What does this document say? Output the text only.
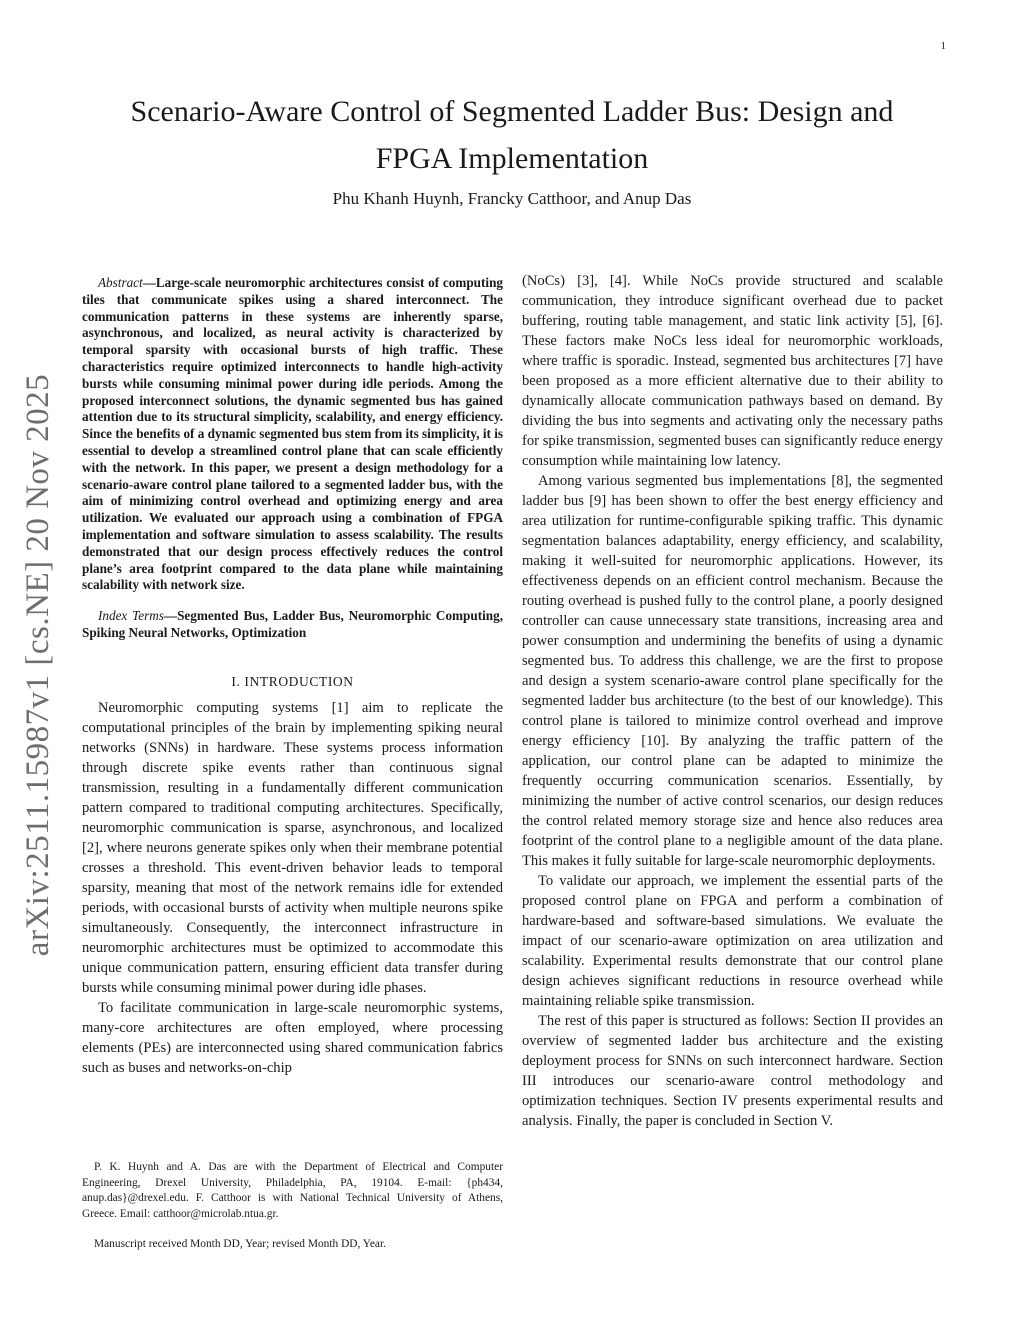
1
arXiv:2511.15987v1 [cs.NE] 20 Nov 2025
Scenario-Aware Control of Segmented Ladder Bus: Design and FPGA Implementation

Phu Khanh Huynh, Francky Catthoor, and Anup Das

Abstract—Large-scale neuromorphic architectures consist of computing tiles that communicate spikes using a shared interconnect. The communication patterns in these systems are inherently sparse, asynchronous, and localized, as neural activity is characterized by temporal sparsity with occasional bursts of high traffic. These characteristics require optimized interconnects to handle high-activity bursts while consuming minimal power during idle periods. Among the proposed interconnect solutions, the dynamic segmented bus has gained attention due to its structural simplicity, scalability, and energy efficiency. Since the benefits of a dynamic segmented bus stem from its simplicity, it is essential to develop a streamlined control plane that can scale efficiently with the network. In this paper, we present a design methodology for a scenario-aware control plane tailored to a segmented ladder bus, with the aim of minimizing control overhead and optimizing energy and area utilization. We evaluated our approach using a combination of FPGA implementation and software simulation to assess scalability. The results demonstrated that our design process effectively reduces the control plane’s area footprint compared to the data plane while maintaining scalability with network size.

Index Terms—Segmented Bus, Ladder Bus, Neuromorphic Computing, Spiking Neural Networks, Optimization

I. INTRODUCTION

Neuromorphic computing systems [1] aim to replicate the computational principles of the brain by implementing spiking neural networks (SNNs) in hardware. These systems process information through discrete spike events rather than continuous signal transmission, resulting in a fundamentally different communication pattern compared to traditional computing architectures. Specifically, neuromorphic communication is sparse, asynchronous, and localized [2], where neurons generate spikes only when their membrane potential crosses a threshold. This event-driven behavior leads to temporal sparsity, meaning that most of the network remains idle for extended periods, with occasional bursts of activity when multiple neurons spike simultaneously. Consequently, the interconnect infrastructure in neuromorphic architectures must be optimized to accommodate this unique communication pattern, ensuring efficient data transfer during bursts while consuming minimal power during idle phases.

To facilitate communication in large-scale neuromorphic systems, many-core architectures are often employed, where processing elements (PEs) are interconnected using shared communication fabrics such as buses and networks-on-chip

(NoCs) [3], [4]. While NoCs provide structured and scalable communication, they introduce significant overhead due to packet buffering, routing table management, and static link activity [5], [6]. These factors make NoCs less ideal for neuromorphic workloads, where traffic is sporadic. Instead, segmented bus architectures [7] have been proposed as a more efficient alternative due to their ability to dynamically allocate communication pathways based on demand. By dividing the bus into segments and activating only the necessary paths for spike transmission, segmented buses can significantly reduce energy consumption while maintaining low latency.

Among various segmented bus implementations [8], the segmented ladder bus [9] has been shown to offer the best energy efficiency and area utilization for runtime-configurable spiking traffic. This dynamic segmentation balances adaptability, energy efficiency, and scalability, making it well-suited for neuromorphic applications. However, its effectiveness depends on an efficient control mechanism. Because the routing overhead is pushed fully to the control plane, a poorly designed controller can cause unnecessary state transitions, increasing area and power consumption and undermining the benefits of using a dynamic segmented bus. To address this challenge, we are the first to propose and design a system scenario-aware control plane specifically for the segmented ladder bus architecture (to the best of our knowledge). This control plane is tailored to minimize control overhead and improve energy efficiency [10]. By analyzing the traffic pattern of the application, our control plane can be adapted to minimize the frequently occurring communication scenarios. Essentially, by minimizing the number of active control scenarios, our design reduces the control related memory storage size and hence also reduces area footprint of the control plane to a negligible amount of the data plane. This makes it fully suitable for large-scale neuromorphic deployments.

To validate our approach, we implement the essential parts of the proposed control plane on FPGA and perform a combination of hardware-based and software-based simulations. We evaluate the impact of our scenario-aware optimization on area utilization and scalability. Experimental results demonstrate that our control plane design achieves significant reductions in resource overhead while maintaining reliable spike transmission.

The rest of this paper is structured as follows: Section II provides an overview of segmented ladder bus architecture and the existing deployment process for SNNs on such interconnect hardware. Section III introduces our scenario-aware control methodology and optimization techniques. Section IV presents experimental results and analysis. Finally, the paper is concluded in Section V.

P. K. Huynh and A. Das are with the Department of Electrical and Computer Engineering, Drexel University, Philadelphia, PA, 19104. E-mail: {ph434, anup.das}@drexel.edu. F. Catthoor is with National Technical University of Athens, Greece. Email: catthoor@microlab.ntua.gr.

Manuscript received Month DD, Year; revised Month DD, Year.
